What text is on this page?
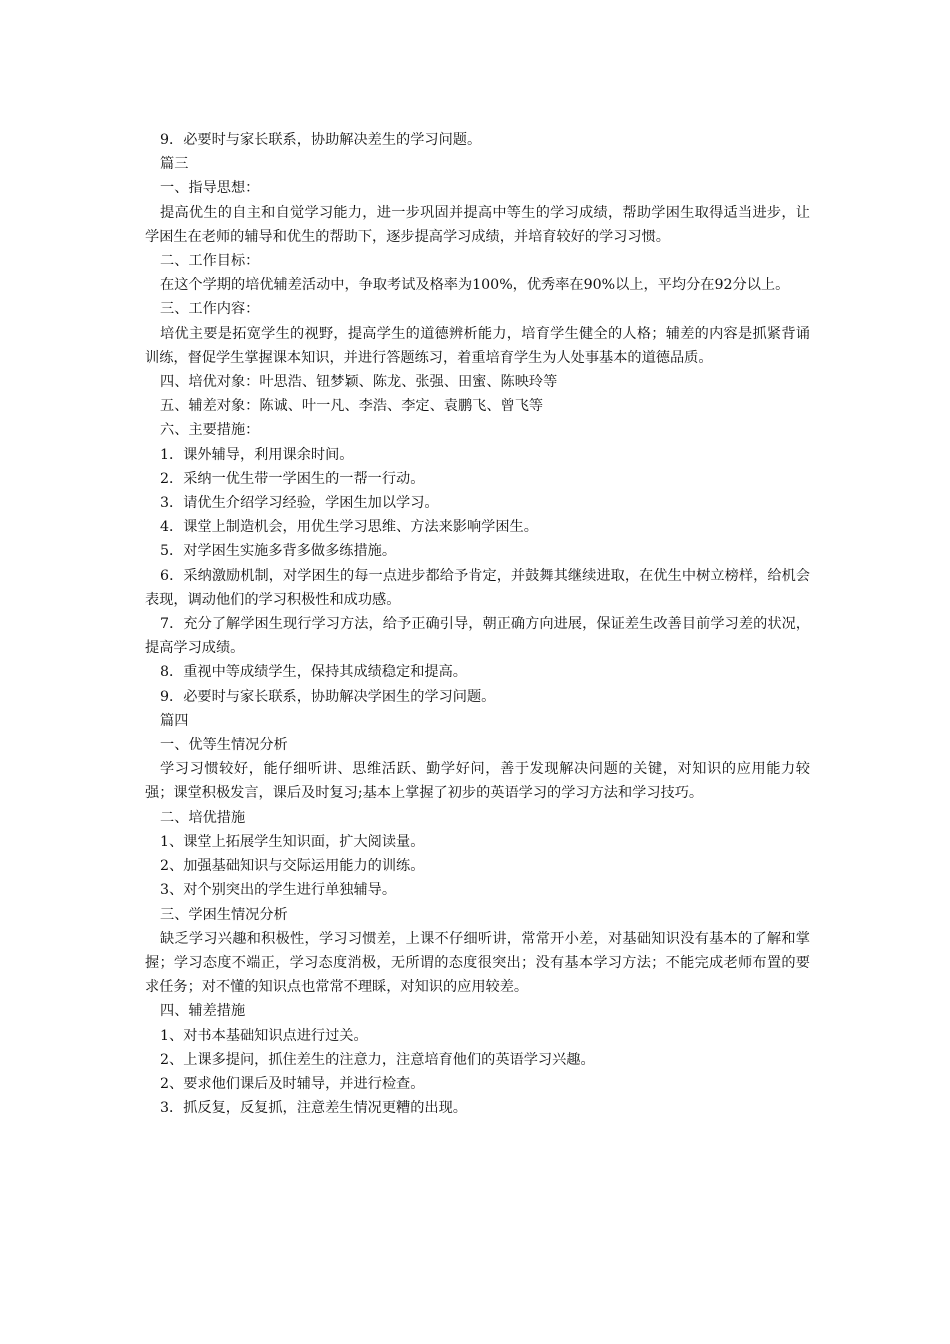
9．必要时与家长联系，协助解决差生的学习问题。

篇三

一、指导思想：

提高优生的自主和自觉学习能力，进一步巩固并提高中等生的学习成绩，帮助学困生取得适当进步，让学困生在老师的辅导和优生的帮助下，逐步提高学习成绩，并培育较好的学习习惯。

二、工作目标：

在这个学期的培优辅差活动中，争取考试及格率为100%，优秀率在90%以上，平均分在92分以上。

三、工作内容：

培优主要是拓宽学生的视野，提高学生的道德辨析能力，培育学生健全的人格；辅差的内容是抓紧背诵训练，督促学生掌握课本知识，并进行答题练习，着重培育学生为人处事基本的道德品质。

四、培优对象：叶思浩、钮梦颖、陈龙、张强、田蜜、陈映玲等

五、辅差对象：陈诚、叶一凡、李浩、李定、袁鹏飞、曾飞等

六、主要措施：

1．课外辅导，利用课余时间。

2．采纳一优生带一学困生的一帮一行动。

3．请优生介绍学习经验，学困生加以学习。

4．课堂上制造机会，用优生学习思维、方法来影响学困生。

5．对学困生实施多背多做多练措施。

6．采纳激励机制，对学困生的每一点进步都给予肯定，并鼓舞其继续进取，在优生中树立榜样，给机会表现，调动他们的学习积极性和成功感。

7．充分了解学困生现行学习方法，给予正确引导，朝正确方向进展，保证差生改善目前学习差的状况，提高学习成绩。

8．重视中等成绩学生，保持其成绩稳定和提高。

9．必要时与家长联系，协助解决学困生的学习问题。

篇四

一、优等生情况分析

学习习惯较好，能仔细听讲、思维活跃、勤学好问，善于发现解决问题的关键，对知识的应用能力较强；课堂积极发言，课后及时复习;基本上掌握了初步的英语学习的学习方法和学习技巧。

二、培优措施

1、课堂上拓展学生知识面，扩大阅读量。

2、加强基础知识与交际运用能力的训练。

3、对个别突出的学生进行单独辅导。

三、学困生情况分析

缺乏学习兴趣和积极性，学习习惯差，上课不仔细听讲，常常开小差，对基础知识没有基本的了解和掌握；学习态度不端正，学习态度消极，无所谓的态度很突出；没有基本学习方法；不能完成老师布置的要求任务；对不懂的知识点也常常不理睬，对知识的应用较差。

四、辅差措施

1、对书本基础知识点进行过关。

2、上课多提问，抓住差生的注意力，注意培育他们的英语学习兴趣。

2、要求他们课后及时辅导，并进行检查。

3．抓反复，反复抓，注意差生情况更糟的出现。
